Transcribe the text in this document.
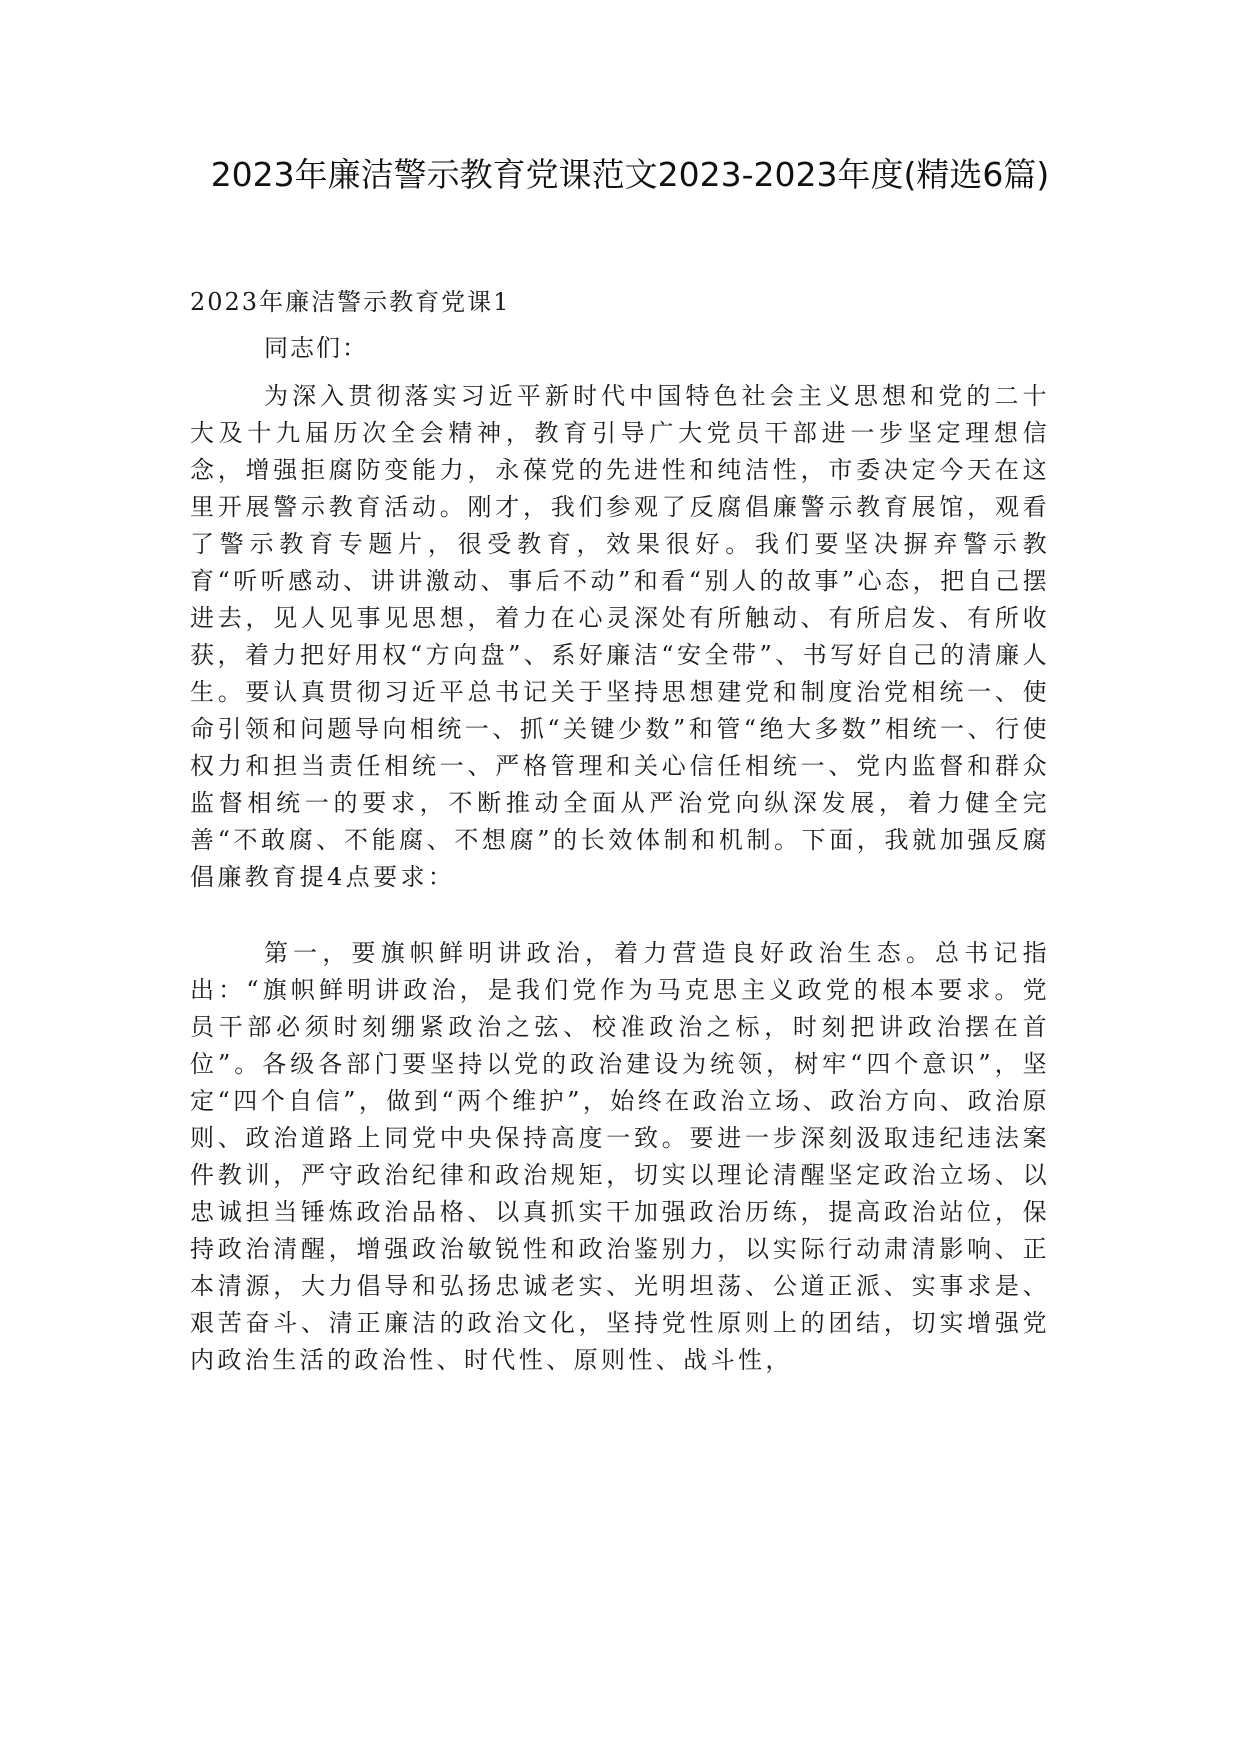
2023年廉洁警示教育党课范文2023-2023年度(精选6篇)
2023年廉洁警示教育党课1

同志们：

为深入贯彻落实习近平新时代中国特色社会主义思想和党的二十大及十九届历次全会精神，教育引导广大党员干部进一步坚定理想信念，增强拒腐防变能力，永葆党的先进性和纯洁性，市委决定今天在这里开展警示教育活动。刚才，我们参观了反腐倡廉警示教育展馆，观看了警示教育专题片，很受教育，效果很好。我们要坚决摒弃警示教育“听听感动、讲讲激动、事后不动”和看“别人的故事”心态，把自己摆进去，见人见事见思想，着力在心灵深处有所触动、有所启发、有所收获，着力把好用权“方向盘”、系好廉洁“安全带”、书写好自己的清廉人生。要认真贯彻习近平总书记关于坚持思想建党和制度治党相统一、使命引领和问题导向相统一、抓“关键少数”和管“绝大多数”相统一、行使权力和担当责任相统一、严格管理和关心信任相统一、党内监督和群众监督相统一的要求，不断推动全面从严治党向纵深发展，着力健全完善“不敢腐、不能腐、不想腐”的长效体制和机制。下面，我就加强反腐倡廉教育提4点要求：

第一，要旗帜鲜明讲政治，着力营造良好政治生态。总书记指出：“旗帜鲜明讲政治，是我们党作为马克思主义政党的根本要求。党员干部必须时刻绷紧政治之弦、校准政治之标，时刻把讲政治摆在首位”。各级各部门要坚持以党的政治建设为统领，树牢“四个意识”，坚定“四个自信”，做到“两个维护”，始终在政治立场、政治方向、政治原则、政治道路上同党中央保持高度一致。要进一步深刻汲取违纪违法案件教训，严守政治纪律和政治规矩，切实以理论清醒坚定政治立场、以忠诚担当锤炼政治品格、以真抓实干加强政治历练，提高政治站位，保持政治清醒，增强政治敏锐性和政治鉴别力，以实际行动肃清影响、正本清源，大力倡导和弘扬忠诚老实、光明坦荡、公道正派、实事求是、艰苦奋斗、清正廉洁的政治文化，坚持党性原则上的团结，切实增强党内政治生活的政治性、时代性、原则性、战斗性，
